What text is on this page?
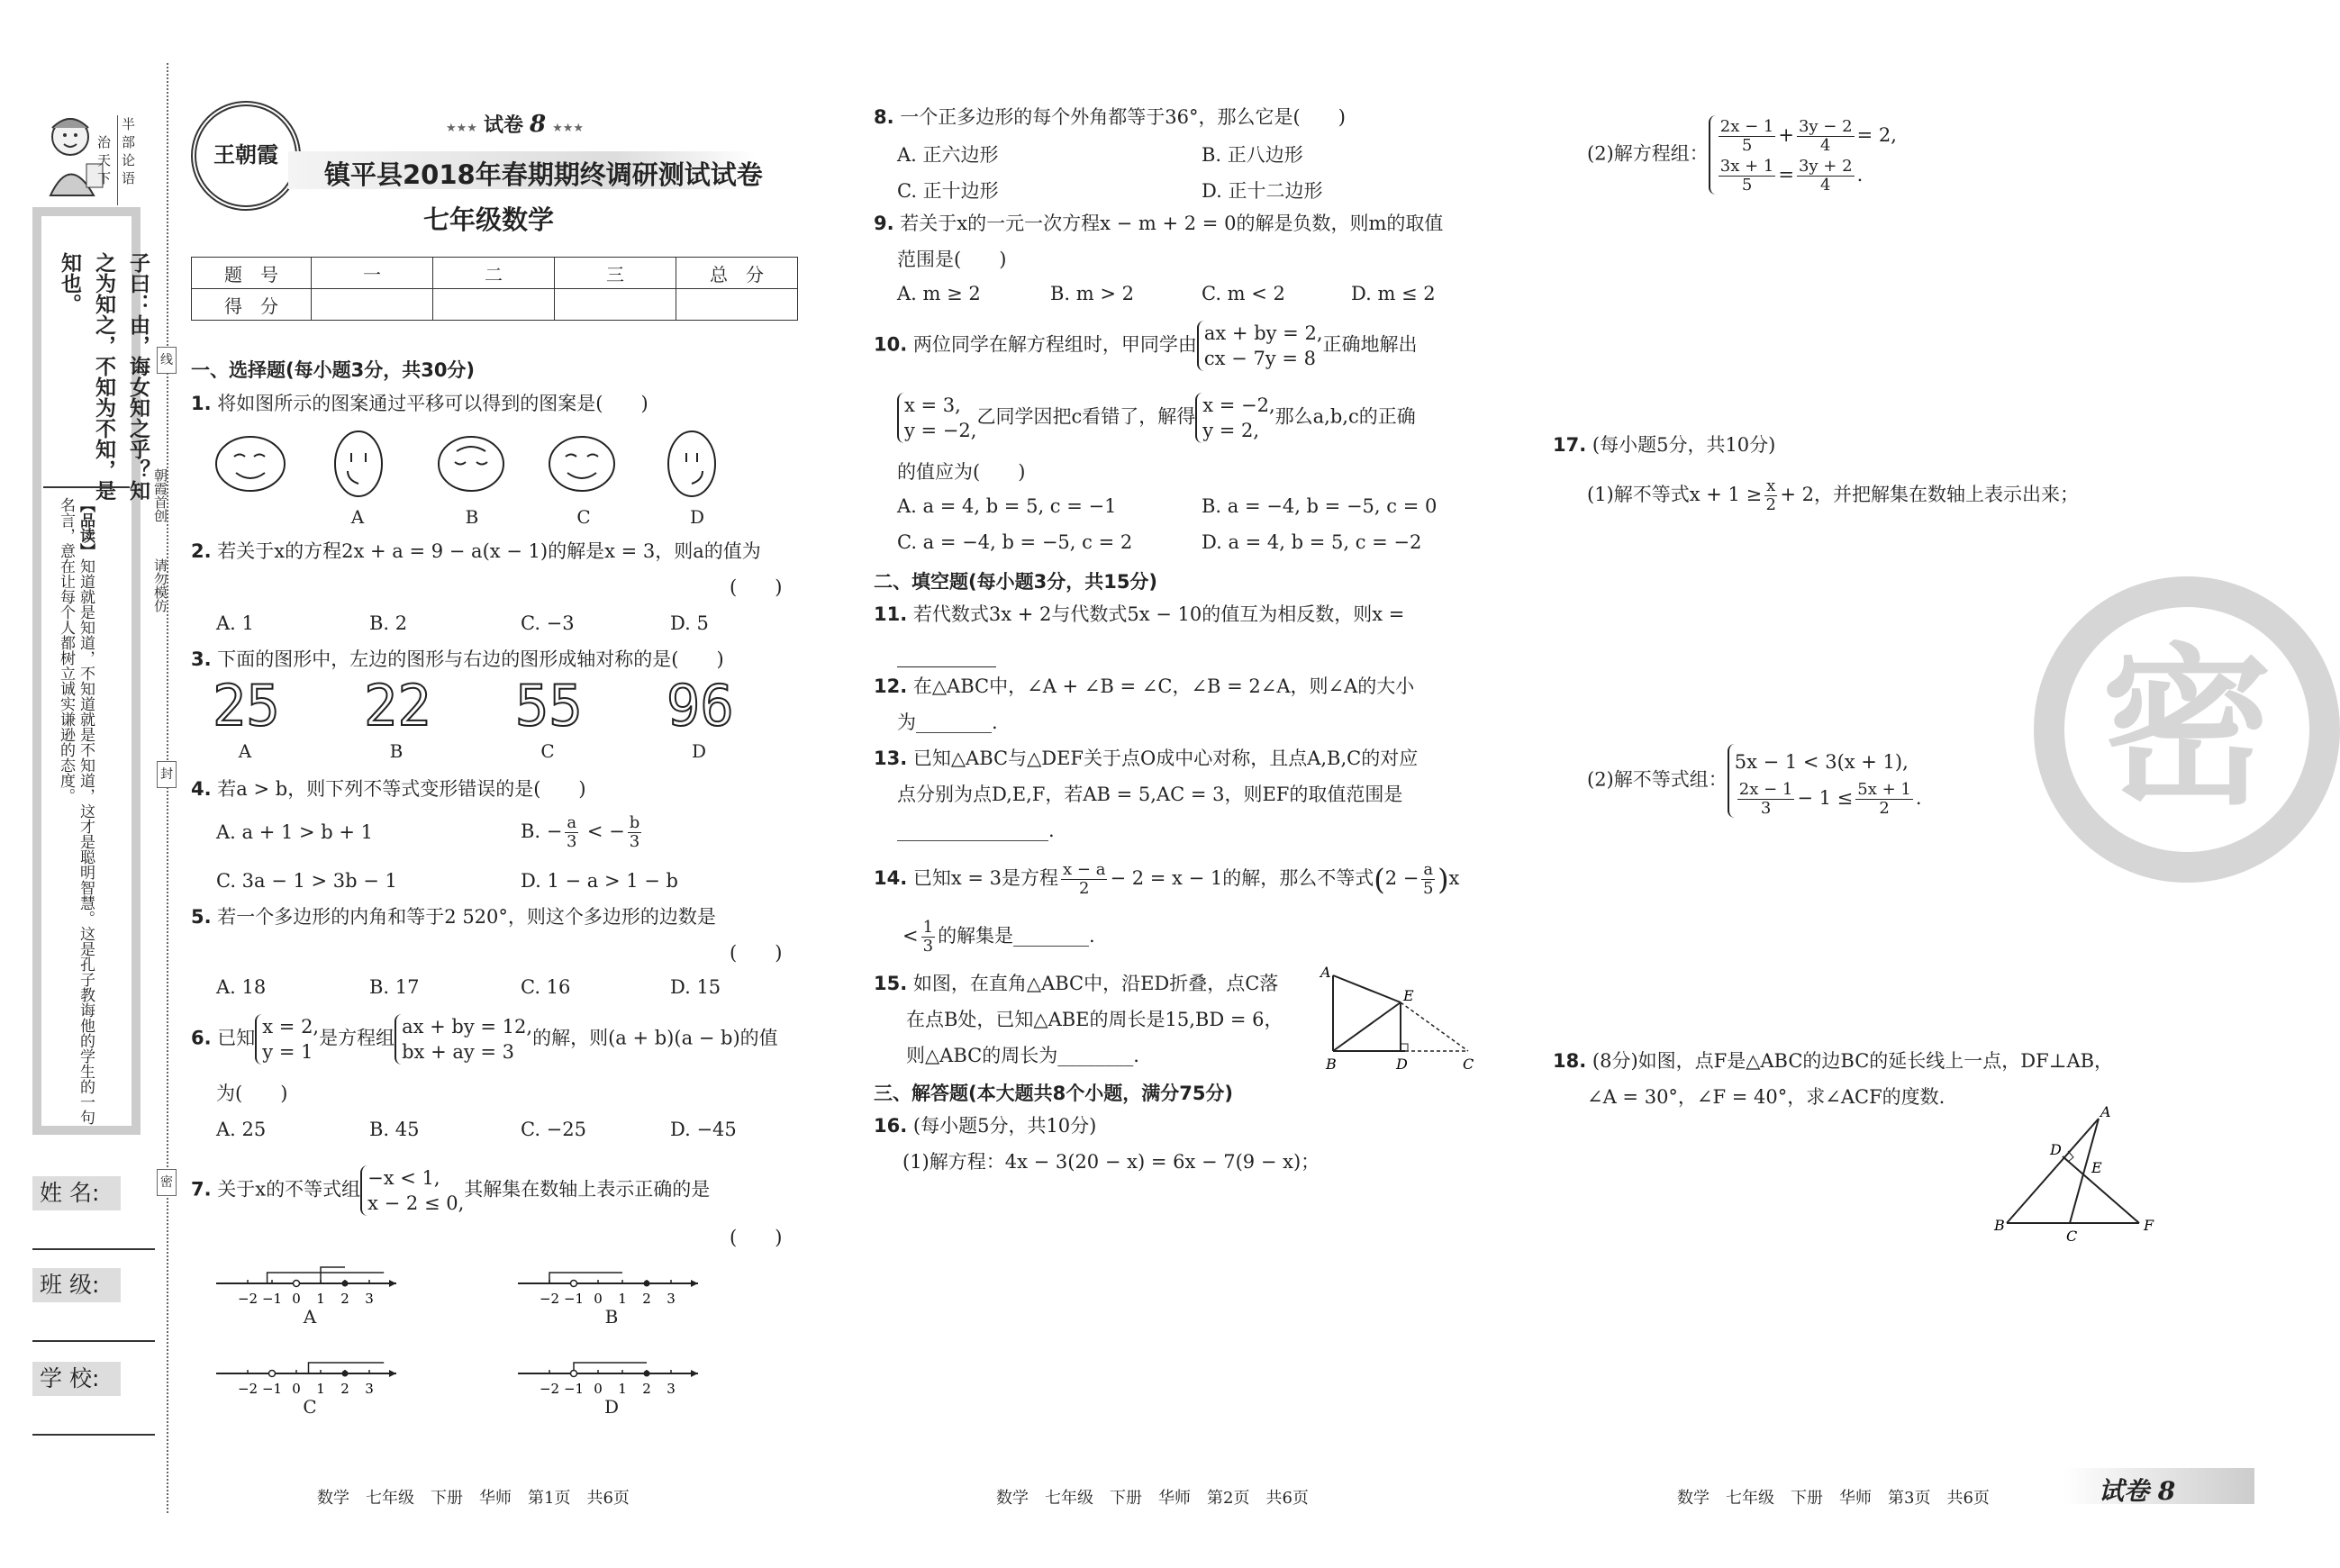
半
部
论
语
治
天
下
子曰：由，诲女知之乎？知之为知之，不知为不知，是知也。
【品读】知道就是知道，不知道就是不知道，这才是聪明智慧。这是孔子教诲他的学生的一句名言，意在让每个人都树立诚实谦逊的态度。
线
封
密
朝霞首创
请勿模仿
姓 名:
班 级:
学 校:
王朝霞
★★★ 试卷 8 ★★★
镇平县2018年春期期终调研测试试卷
七年级数学
题　号	一	二	三	总　分
得　分				
一、选择题(每小题3分，共30分)
1. 将如图所示的图案通过平移可以得到的图案是(　　)
A	B	C	D
2. 若关于x的方程2x + a = 9 − a(x − 1)的解是x = 3，则a的值为
(　　)
A. 1	B. 2	C. −3	D. 5
3. 下面的图形中，左边的图形与右边的图形成轴对称的是(　　)
25 22 55 96
A	B	C	D
4. 若a > b，则下列不等式变形错误的是(　　)
A. a + 1 > b + 1	B. − $\frac{a}{3}$ < − $\frac{b}{3}$
C. 3a − 1 > 3b − 1	D. 1 − a > 1 − b
5. 若一个多边形的内角和等于2 520°，则这个多边形的边数是
(　　)
A. 18	B. 17	C. 16	D. 15
6. 已知x = 2,
y = 1是方程组ax + by = 12,
bx + ay = 3的解，则(a + b)(a − b)的值
为(　　)
A. 25	B. 45	C. −25	D. −45
7. 关于x的不等式组−x < 1,
x − 2 ≤ 0,其解集在数轴上表示正确的是
(　　)
−2 −1 0 1 2 3	−2 −1 0 1 2 3
−2 −1 0 1 2 3	−2 −1 0 1 2 3
A	B
C	D
8. 一个正多边形的每个外角都等于36°，那么它是(　　)
A. 正六边形	B. 正八边形
C. 正十边形	D. 正十二边形
9. 若关于x的一元一次方程x − m + 2 = 0的解是负数，则m的取值
范围是(　　)
A. m ≥ 2	B. m > 2	C. m < 2	D. m ≤ 2
10. 两位同学在解方程组时，甲同学由ax + by = 2,
cx − 7y = 8正确地解出
x = 3,
y = −2,乙同学因把c看错了，解得x = −2,
y = 2,那么a,b,c的正确
的值应为(　　)
A. a = 4, b = 5, c = −1	B. a = −4, b = −5, c = 0
C. a = −4, b = −5, c = 2	D. a = 4, b = 5, c = −2
二、填空题(每小题3分，共15分)
11. 若代数式3x + 2与代数式5x − 10的值互为相反数，则x =
12. 在△ABC中，∠A + ∠B = ∠C，∠B = 2∠A，则∠A的大小
为________.
13. 已知△ABC与△DEF关于点O成中心对称，且点A,B,C的对应
点分别为点D,E,F，若AB = 5,AC = 3，则EF的取值范围是
________________.
14. 已知x = 3是方程 $\frac{x - a}{2} - 2 = x - 1$的解，那么不等式$(2 - \frac{a}{5} )x$
< $\frac{1}{3}$ 的解集是________.
15. 如图，在直角△ABC中，沿ED折叠，点C落
在点B处，已知△ABE的周长是15,BD = 6，
则△ABC的周长为________.
A
E
B	D	C
三、解答题(本大题共8个小题，满分75分)
16. (每小题5分，共10分)
(1)解方程：4x − 3(20 − x) = 6x − 7(9 − x)；
(2)解方程组： $\frac{2x - 1}{5} + \frac{3y - 2}{4} = 2$,

$\frac{3x + 1}{5} = \frac{3y + 2}{4}$ .
17. (每小题5分，共10分)
(1)解不等式$x + 1 \ge \frac{x}{2} + 2$，并把解集在数轴上表示出来；
(2)解不等式组：5x − 1 < 3(x + 1),

$\frac{2x - 1}{3} - 1 \le \frac{5x + 1}{2}$ .	密
18. (8分)如图，点F是△ABC的边BC的延长线上一点，DF⊥AB，
∠A = 30°，∠F = 40°，求∠ACF的度数.
A
D
E
B
C
F
数学　七年级　下册　华师　第1页　共6页	数学　七年级　下册　华师　第2页　共6页	数学　七年级　下册　华师　第3页　共6页	试卷 8
